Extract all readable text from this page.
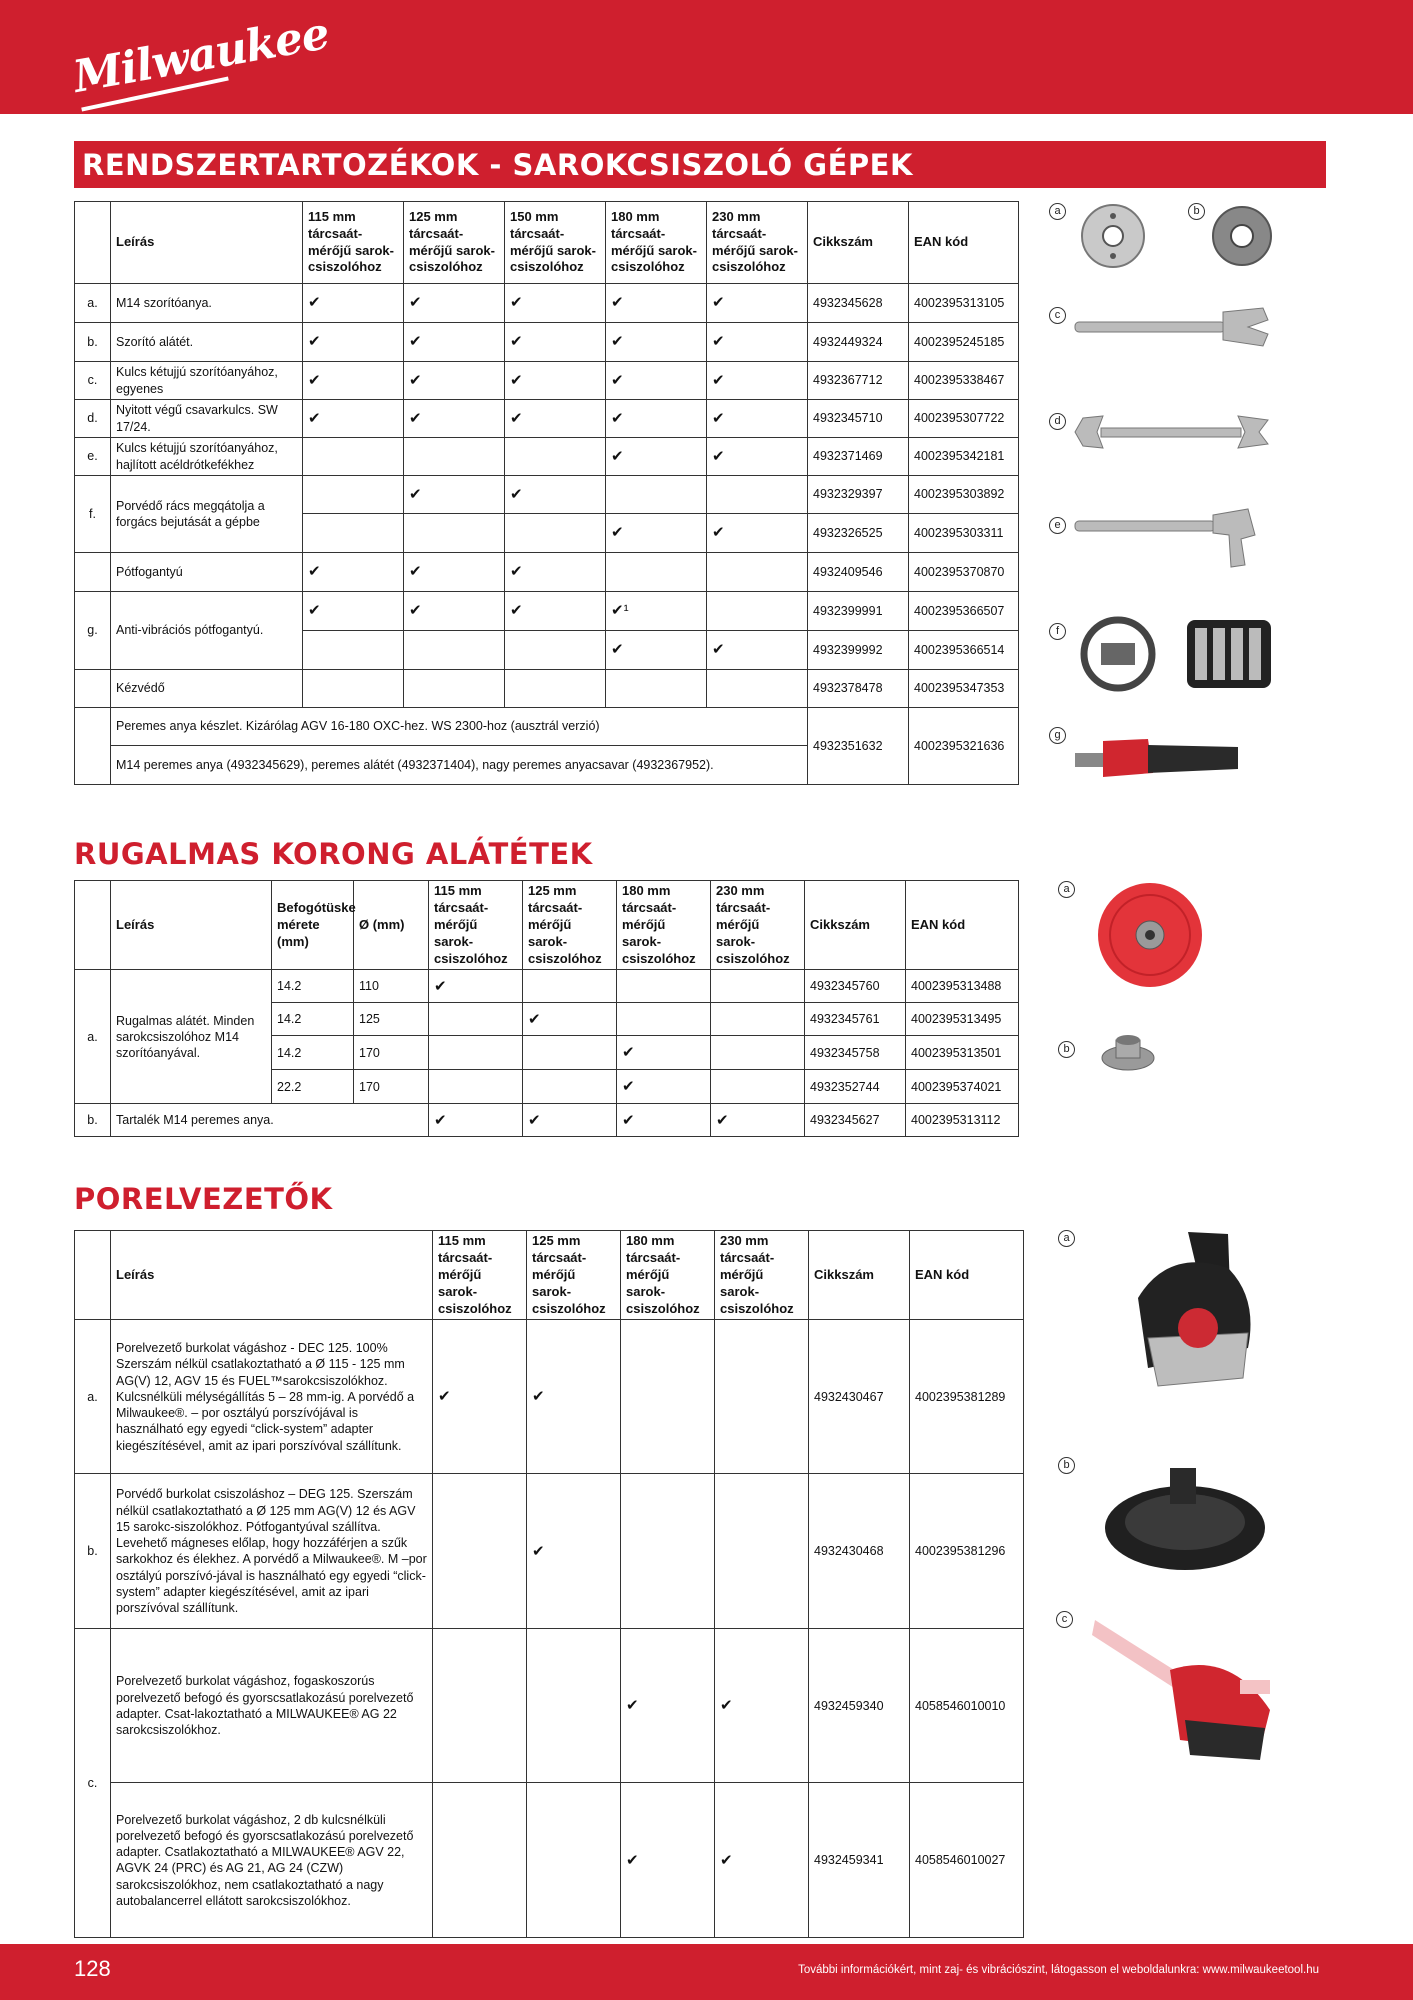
Milwaukee
RENDSZERTARTOZÉKOK - SAROKCSISZOLÓ GÉPEK
	Leírás	115 mm tárcsaát-mérőjű sarok-csiszolóhoz	125 mm tárcsaát-mérőjű sarok-csiszolóhoz	150 mm tárcsaát-mérőjű sarok-csiszolóhoz	180 mm tárcsaát-mérőjű sarok-csiszolóhoz	230 mm tárcsaát-mérőjű sarok-csiszolóhoz	Cikkszám	EAN kód
a.	M14 szorítóanya.	✔	✔	✔	✔	✔	4932345628	4002395313105
b.	Szorító alátét.	✔	✔	✔	✔	✔	4932449324	4002395245185
c.	Kulcs kétujjú szorítóanyához, egyenes	✔	✔	✔	✔	✔	4932367712	4002395338467
d.	Nyitott végű csavarkulcs. SW 17/24.	✔	✔	✔	✔	✔	4932345710	4002395307722
e.	Kulcs kétujjú szorítóanyához, hajlított acéldrótkefékhez				✔	✔	4932371469	4002395342181
f.	Porvédő rács megqátolja a forgács bejutását a gépbe		✔	✔			4932329397	4002395303892
					✔	✔	4932326525	4002395303311
	Pótfogantyú	✔	✔	✔			4932409546	4002395370870
g.	Anti-vibrációs pótfogantyú.	✔	✔	✔	✔¹		4932399991	4002395366507
					✔	✔	4932399992	4002395366514
	Kézvédő						4932378478	4002395347353
	Peremes anya készlet. Kizárólag AGV 16-180 OXC-hez. WS 2300-hoz (ausztrál verzió)						4932351632	4002395321636
	M14 peremes anya (4932345629), peremes alátét (4932371404), nagy peremes anyacsavar (4932367952).							
a	b
c
d
e
f
g
RUGALMAS KORONG ALÁTÉTEK
	Leírás	Befogótüske mérete (mm)	Ø (mm)	115 mm tárcsaát-mérőjű sarok-csiszolóhoz	125 mm tárcsaát-mérőjű sarok-csiszolóhoz	180 mm tárcsaát-mérőjű sarok-csiszolóhoz	230 mm tárcsaát-mérőjű sarok-csiszolóhoz	Cikkszám	EAN kód
a.	Rugalmas alátét. Minden sarokcsiszolóhoz M14 szorítóanyával.	14.2	110	✔				4932345760	4002395313488
		14.2	125		✔			4932345761	4002395313495
		14.2	170			✔		4932345758	4002395313501
		22.2	170			✔		4932352744	4002395374021
b.	Tartalék M14 peremes anya.			✔	✔	✔	✔	4932345627	4002395313112
a
b
PORELVEZETŐK
	Leírás	115 mm tárcsaát-mérőjű sarok-csiszolóhoz	125 mm tárcsaát-mérőjű sarok-csiszolóhoz	180 mm tárcsaát-mérőjű sarok-csiszolóhoz	230 mm tárcsaát-mérőjű sarok-csiszolóhoz	Cikkszám	EAN kód
a.	Porelvezető burkolat vágáshoz - DEC 125. 100% Szerszám nélkül csatlakoztatható a Ø 115 - 125 mm AG(V) 12, AGV 15 és FUEL™sarokcsiszolókhoz. Kulcsnélküli mélységállítás 5 – 28 mm-ig. A porvédő a Milwaukee®. – por osztályú porszívójával is használható egy egyedi “click-system” adapter kiegészítésével, amit az ipari porszívóval szállítunk.	✔	✔			4932430467	4002395381289
b.	Porvédő burkolat csiszoláshoz – DEG 125. Szerszám nélkül csatlakoztatható a Ø 125 mm AG(V) 12 és AGV 15 sarokc-siszolókhoz. Pótfogantyúval szállítva. Levehető mágneses előlap, hogy hozzáférjen a szűk sarkokhoz és élekhez. A porvédő a Milwaukee®. M –por osztályú porszívó-jával is használható egy egyedi “click-system” adapter kiegészítésével, amit az ipari porszívóval szállítunk.		✔			4932430468	4002395381296
c.	Porelvezető burkolat vágáshoz, fogaskoszorús porelvezető befogó és gyorscsatlakozású porelvezető adapter. Csat-lakoztatható a MILWAUKEE® AG 22 sarokcsiszolókhoz.			✔	✔	4932459340	4058546010010
	Porelvezető burkolat vágáshoz, 2 db kulcsnélküli porelvezető befogó és gyorscsatlakozású porelvezető adapter. Csatlakoztatható a MILWAUKEE® AGV 22, AGVK 24 (PRC) és AG 21, AG 24 (CZW) sarokcsiszolókhoz, nem csatlakoztatható a nagy autobalancerrel ellátott sarokcsiszolókhoz.			✔	✔	4932459341	4058546010027
a
b
c
128	További információkért, mint zaj- és vibrációszint, látogasson el weboldalunkra: www.milwaukeetool.hu
